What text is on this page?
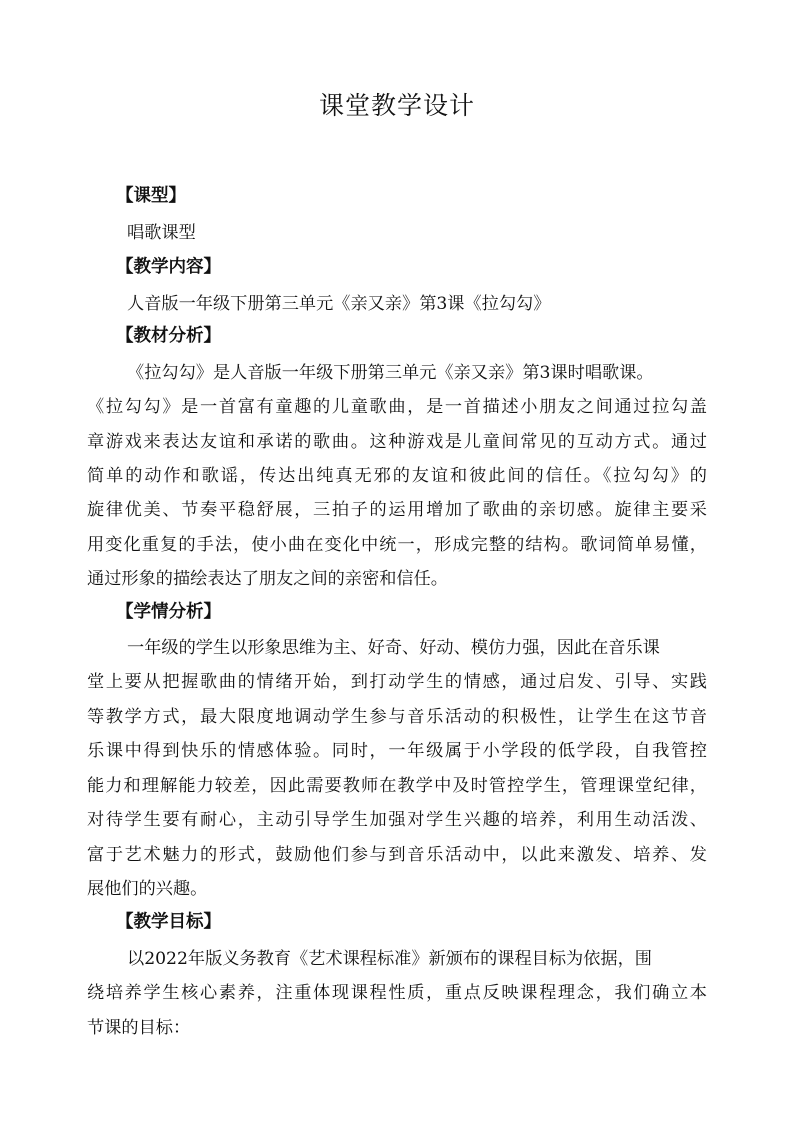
课堂教学设计
【课型】
唱歌课型
【教学内容】
人音版一年级下册第三单元《亲又亲》第3课《拉勾勾》
【教材分析】
《拉勾勾》是人音版一年级下册第三单元《亲又亲》第3课时唱歌课。
《拉勾勾》是一首富有童趣的儿童歌曲，是一首描述小朋友之间通过拉勾盖
章游戏来表达友谊和承诺的歌曲。这种游戏是儿童间常见的互动方式。通过
简单的动作和歌谣，传达出纯真无邪的友谊和彼此间的信任。《拉勾勾》的
旋律优美、节奏平稳舒展，三拍子的运用增加了歌曲的亲切感。旋律主要采
用变化重复的手法，使小曲在变化中统一，形成完整的结构。歌词简单易懂，
通过形象的描绘表达了朋友之间的亲密和信任。
【学情分析】
一年级的学生以形象思维为主、好奇、好动、模仿力强，因此在音乐课
堂上要从把握歌曲的情绪开始，到打动学生的情感，通过启发、引导、实践
等教学方式，最大限度地调动学生参与音乐活动的积极性，让学生在这节音
乐课中得到快乐的情感体验。同时，一年级属于小学段的低学段，自我管控
能力和理解能力较差，因此需要教师在教学中及时管控学生，管理课堂纪律，
对待学生要有耐心，主动引导学生加强对学生兴趣的培养，利用生动活泼、
富于艺术魅力的形式，鼓励他们参与到音乐活动中，以此来激发、培养、发
展他们的兴趣。
【教学目标】
以2022年版义务教育《艺术课程标准》新颁布的课程目标为依据，围
绕培养学生核心素养，注重体现课程性质，重点反映课程理念，我们确立本
节课的目标：
